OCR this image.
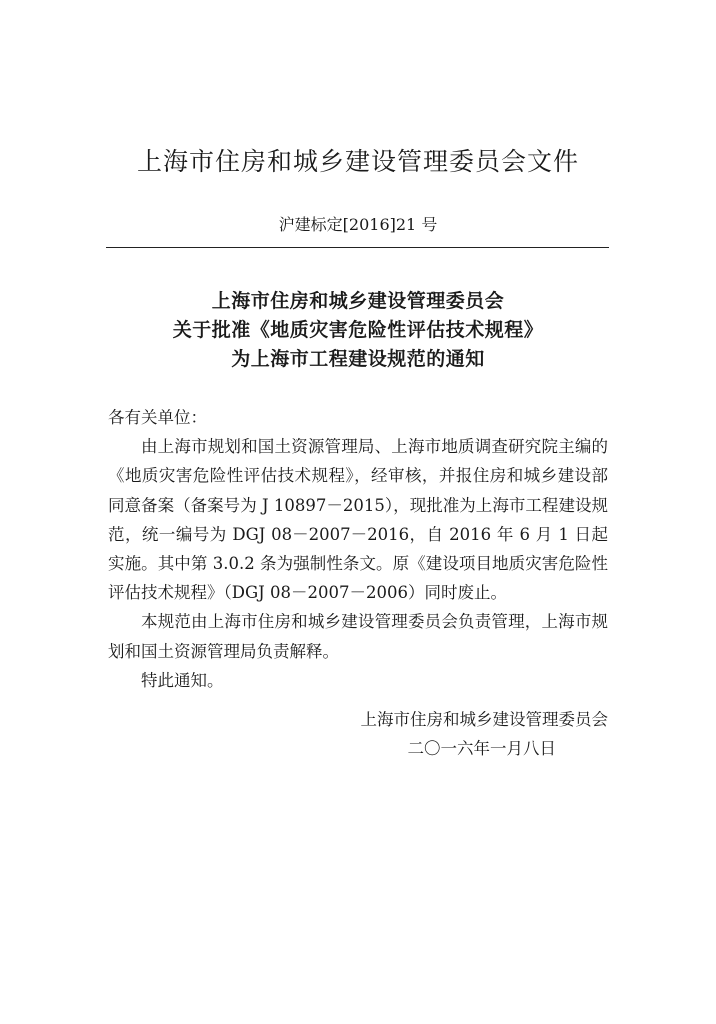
上海市住房和城乡建设管理委员会文件
沪建标定[2016]21 号
上海市住房和城乡建设管理委员会
关于批准《地质灾害危险性评估技术规程》
为上海市工程建设规范的通知

各有关单位：

由上海市规划和国土资源管理局、上海市地质调查研究院主编的《地质灾害危险性评估技术规程》，经审核，并报住房和城乡建设部同意备案（备案号为 J 10897－2015），现批准为上海市工程建设规范，统一编号为 DGJ 08－2007－2016，自 2016 年 6 月 1 日起实施。其中第 3.0.2 条为强制性条文。原《建设项目地质灾害危险性评估技术规程》（DGJ 08－2007－2006）同时废止。

本规范由上海市住房和城乡建设管理委员会负责管理，上海市规划和国土资源管理局负责解释。

特此通知。

上海市住房和城乡建设管理委员会
二〇一六年一月八日
